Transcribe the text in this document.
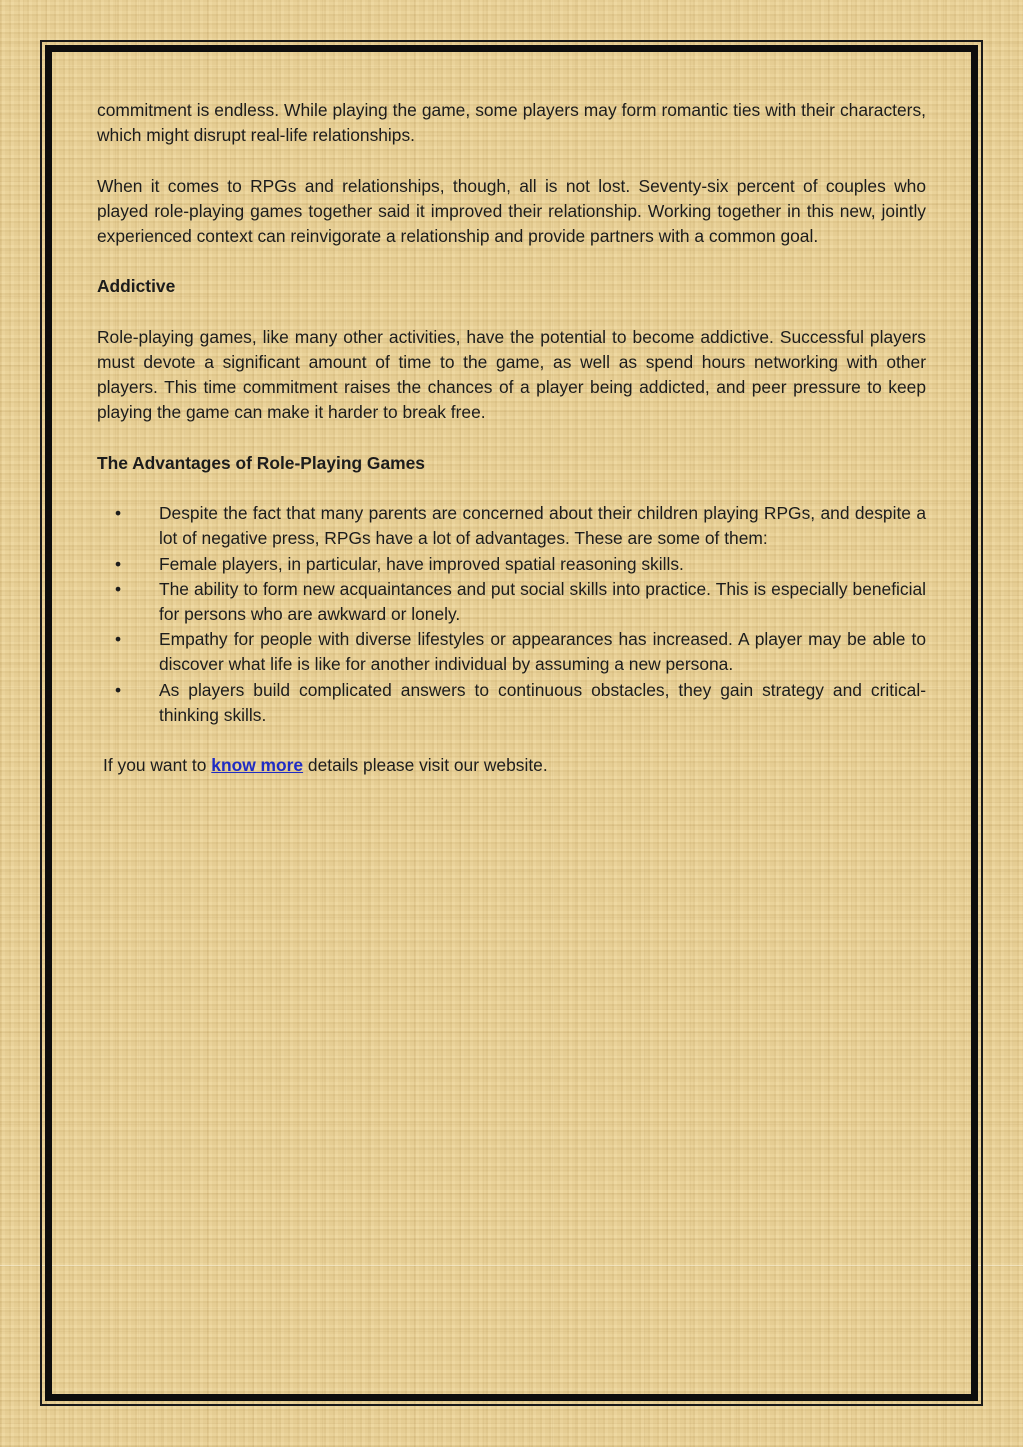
commitment is endless. While playing the game, some players may form romantic ties with their characters, which might disrupt real-life relationships.

When it comes to RPGs and relationships, though, all is not lost. Seventy-six percent of couples who played role-playing games together said it improved their relationship. Working together in this new, jointly experienced context can reinvigorate a relationship and provide partners with a common goal.

Addictive

Role-playing games, like many other activities, have the potential to become addictive. Successful players must devote a significant amount of time to the game, as well as spend hours networking with other players. This time commitment raises the chances of a player being addicted, and peer pressure to keep playing the game can make it harder to break free.

The Advantages of Role-Playing Games

• Despite the fact that many parents are concerned about their children playing RPGs, and despite a lot of negative press, RPGs have a lot of advantages. These are some of them:
• Female players, in particular, have improved spatial reasoning skills.
• The ability to form new acquaintances and put social skills into practice. This is especially beneficial for persons who are awkward or lonely.
• Empathy for people with diverse lifestyles or appearances has increased. A player may be able to discover what life is like for another individual by assuming a new persona.
• As players build complicated answers to continuous obstacles, they gain strategy and critical-thinking skills.

If you want to know more details please visit our website.
